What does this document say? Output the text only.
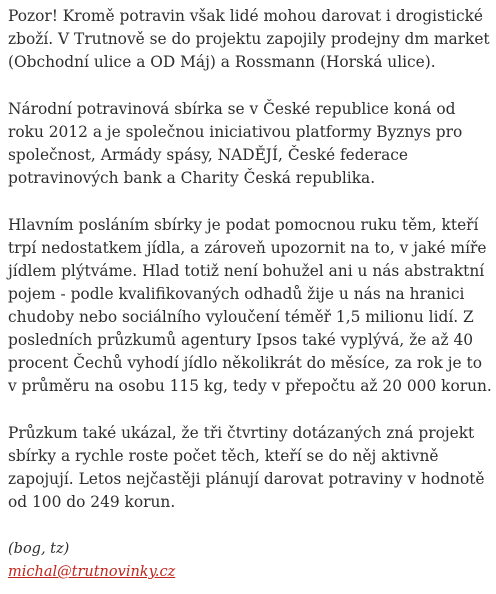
Pozor! Kromě potravin však lidé mohou darovat i drogistické zboží. V Trutnově se do projektu zapojily prodejny dm market (Obchodní ulice a OD Máj) a Rossmann (Horská ulice).

Národní potravinová sbírka se v České republice koná od roku 2012 a je společnou iniciativou platformy Byznys pro společnost, Armády spásy, NADĚJÍ, České federace potravinových bank a Charity Česká republika.

Hlavním posláním sbírky je podat pomocnou ruku těm, kteří trpí nedostatkem jídla, a zároveň upozornit na to, v jaké míře jídlem plýtváme. Hlad totiž není bohužel ani u nás abstraktní pojem - podle kvalifikovaných odhadů žije u nás na hranici chudoby nebo sociálního vyloučení téměř 1,5 milionu lidí. Z posledních průzkumů agentury Ipsos také vyplývá, že až 40 procent Čechů vyhodí jídlo několikrát do měsíce, za rok je to v průměru na osobu 115 kg, tedy v přepočtu až 20 000 korun.

Průzkum také ukázal, že tři čtvrtiny dotázaných zná projekt sbírky a rychle roste počet těch, kteří se do něj aktivně zapojují. Letos nejčastěji plánují darovat potraviny v hodnotě od 100 do 249 korun.

(bog, tz)
michal@trutnovinky.cz
